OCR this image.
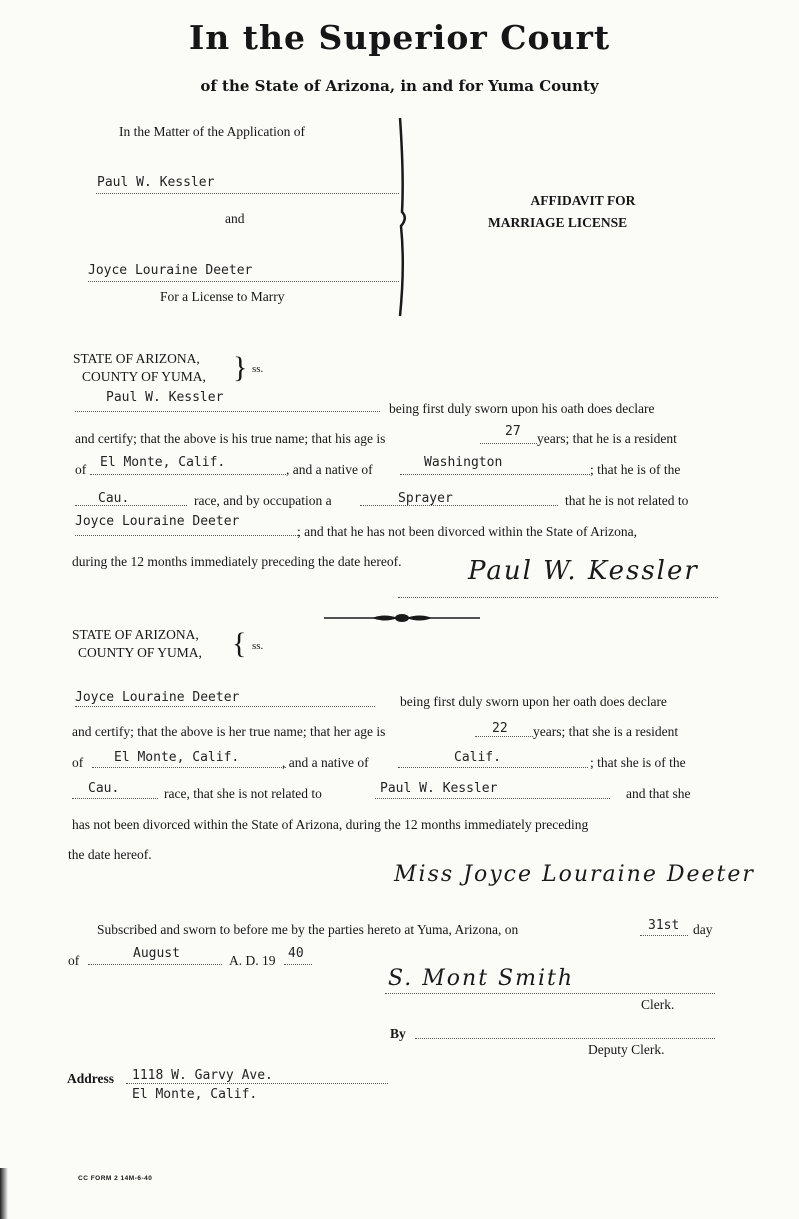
In the Superior Court
of the State of Arizona, in and for Yuma County
In the Matter of the Application of
Paul W. Kessler
and
Joyce Louraine Deeter
For a License to Marry
AFFIDAVIT FOR
MARRIAGE LICENSE
STATE OF ARIZONA,
COUNTY OF YUMA, } ss.
Paul W. Kessler
being first duly sworn upon his oath does declare
and certify; that the above is his true name; that his age is	27 years; that he is a resident
of El Monte, Calif.	, and a native of	Washington	; that he is of the
Cau.	race, and by occupation a	Sprayer	that he is not related to
Joyce Louraine Deeter
; and that he has not been divorced within the State of Arizona,
during the 12 months immediately preceding the date hereof.	Paul W. Kessler
STATE OF ARIZONA,
COUNTY OF YUMA, { ss.
Joyce Louraine Deeter	being first duly sworn upon her oath does declare
and certify; that the above is her true name; that her age is	22 years; that she is a resident
of El Monte, Calif.	, and a native of	Calif.	; that she is of the
Cau.	race, that she is not related to	Paul W. Kessler	and that she
has not been divorced within the State of Arizona, during the 12 months immediately preceding
the date hereof.
Miss Joyce Louraine Deeter
Subscribed and sworn to before me by the parties hereto at Yuma, Arizona, on	31st day
of	August	A. D. 19 40
S. Mont Smith
Clerk.
By
Deputy Clerk.
Address 1118 W. Garvy Ave.
El Monte, Calif.
CC FORM 2 14M-6-40
